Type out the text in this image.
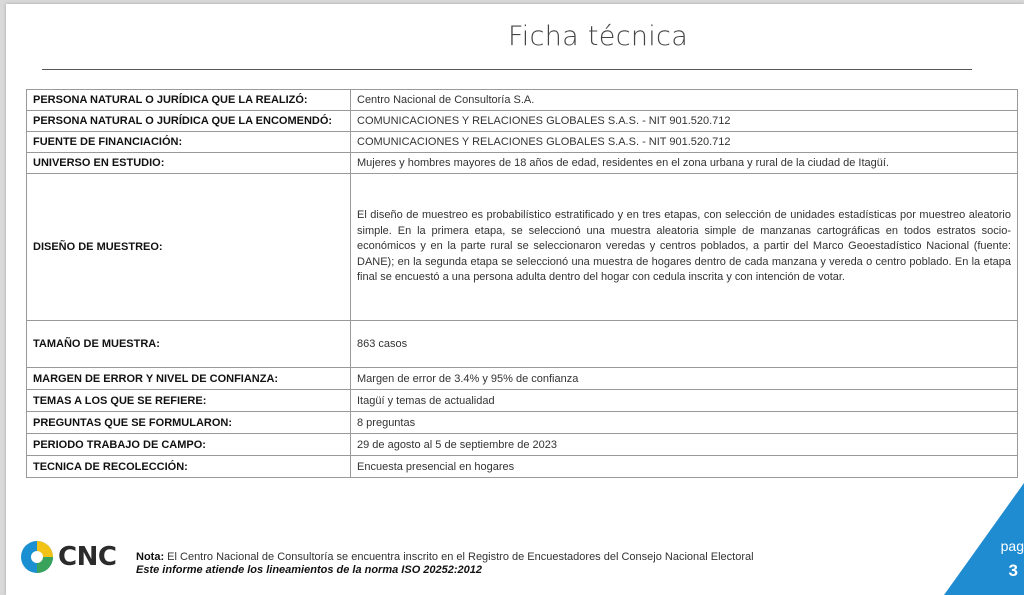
Ficha técnica
PERSONA NATURAL O JURÍDICA QUE LA REALIZÓ:	Centro Nacional de Consultoría S.A.
PERSONA NATURAL O JURÍDICA QUE LA ENCOMENDÓ:	COMUNICACIONES Y RELACIONES GLOBALES S.A.S. - NIT 901.520.712
FUENTE DE FINANCIACIÓN:	COMUNICACIONES Y RELACIONES GLOBALES S.A.S. - NIT 901.520.712
UNIVERSO EN ESTUDIO:	Mujeres y hombres mayores de 18 años de edad, residentes en el zona urbana y rural de la ciudad de Itagüí.
DISEÑO DE MUESTREO:	El diseño de muestreo es probabilístico estratificado y en tres etapas, con selección de unidades estadísticas por muestreo aleatorio simple. En la primera etapa, se seleccionó una muestra aleatoria simple de manzanas cartográficas en todos estratos socio-económicos y en la parte rural se seleccionaron veredas y centros poblados, a partir del Marco Geoestadístico Nacional (fuente: DANE); en la segunda etapa se seleccionó una muestra de hogares dentro de cada manzana y vereda o centro poblado. En la etapa final se encuestó a una persona adulta dentro del hogar con cedula inscrita y con intención de votar.

TAMAÑO DE MUESTRA:	863 casos
MARGEN DE ERROR Y NIVEL DE CONFIANZA:	Margen de error de 3.4% y 95% de confianza
TEMAS A LOS QUE SE REFIERE:	Itagüí y temas de actualidad
PREGUNTAS QUE SE FORMULARON:	8 preguntas
PERIODO TRABAJO DE CAMPO:	29 de agosto al 5 de septiembre de 2023
TECNICA DE RECOLECCIÓN:	Encuesta presencial en hogares
CNC Nota: El Centro Nacional de Consultoría se encuentra inscrito en el Registro de Encuestadores del Consejo Nacional Electoral
Este informe atiende los lineamientos de la norma ISO 20252:2012
pag
3
